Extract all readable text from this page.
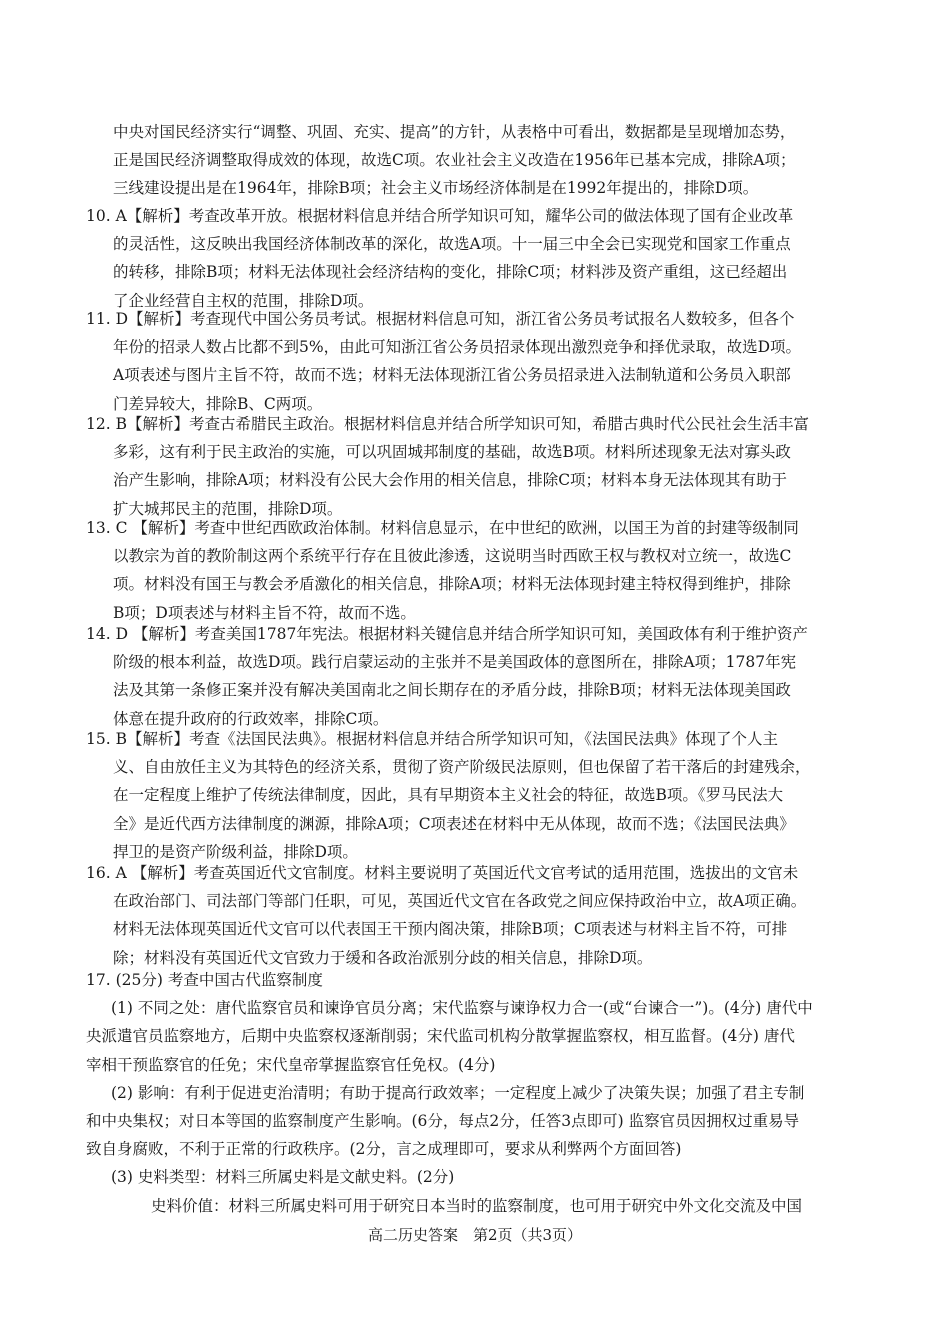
中央对国民经济实行“调整、巩固、充实、提高”的方针，从表格中可看出，数据都是呈现增加态势，
正是国民经济调整取得成效的体现，故选C项。农业社会主义改造在1956年已基本完成，排除A项；
三线建设提出是在1964年，排除B项；社会主义市场经济体制是在1992年提出的，排除D项。
10. A【解析】考查改革开放。根据材料信息并结合所学知识可知，耀华公司的做法体现了国有企业改革
的灵活性，这反映出我国经济体制改革的深化，故选A项。十一届三中全会已实现党和国家工作重点
的转移，排除B项；材料无法体现社会经济结构的变化，排除C项；材料涉及资产重组，这已经超出
了企业经营自主权的范围，排除D项。
11. D【解析】考查现代中国公务员考试。根据材料信息可知，浙江省公务员考试报名人数较多，但各个
年份的招录人数占比都不到5%，由此可知浙江省公务员招录体现出激烈竞争和择优录取，故选D项。
A项表述与图片主旨不符，故而不选；材料无法体现浙江省公务员招录进入法制轨道和公务员入职部
门差异较大，排除B、C两项。
12. B【解析】考查古希腊民主政治。根据材料信息并结合所学知识可知，希腊古典时代公民社会生活丰富
多彩，这有利于民主政治的实施，可以巩固城邦制度的基础，故选B项。材料所述现象无法对寡头政
治产生影响，排除A项；材料没有公民大会作用的相关信息，排除C项；材料本身无法体现其有助于
扩大城邦民主的范围，排除D项。
13. C 【解析】考查中世纪西欧政治体制。材料信息显示，在中世纪的欧洲，以国王为首的封建等级制同
以教宗为首的教阶制这两个系统平行存在且彼此渗透，这说明当时西欧王权与教权对立统一，故选C
项。材料没有国王与教会矛盾激化的相关信息，排除A项；材料无法体现封建主特权得到维护，排除
B项；D项表述与材料主旨不符，故而不选。
14. D 【解析】考查美国1787年宪法。根据材料关键信息并结合所学知识可知，美国政体有利于维护资产
阶级的根本利益，故选D项。践行启蒙运动的主张并不是美国政体的意图所在，排除A项；1787年宪
法及其第一条修正案并没有解决美国南北之间长期存在的矛盾分歧，排除B项；材料无法体现美国政
体意在提升政府的行政效率，排除C项。
15. B【解析】考查《法国民法典》。根据材料信息并结合所学知识可知，《法国民法典》体现了个人主
义、自由放任主义为其特色的经济关系，贯彻了资产阶级民法原则，但也保留了若干落后的封建残余，
在一定程度上维护了传统法律制度，因此，具有早期资本主义社会的特征，故选B项。《罗马民法大
全》是近代西方法律制度的渊源，排除A项；C项表述在材料中无从体现，故而不选；《法国民法典》
捍卫的是资产阶级利益，排除D项。
16. A 【解析】考查英国近代文官制度。材料主要说明了英国近代文官考试的适用范围，选拔出的文官未
在政治部门、司法部门等部门任职，可见，英国近代文官在各政党之间应保持政治中立，故A项正确。
材料无法体现英国近代文官可以代表国王干预内阁决策，排除B项；C项表述与材料主旨不符，可排
除；材料没有英国近代文官致力于缓和各政治派别分歧的相关信息，排除D项。
17. (25分) 考查中国古代监察制度
(1) 不同之处：唐代监察官员和谏诤官员分离；宋代监察与谏诤权力合一(或“台谏合一”)。(4分) 唐代中
央派遣官员监察地方，后期中央监察权逐渐削弱；宋代监司机构分散掌握监察权，相互监督。(4分) 唐代
宰相干预监察官的任免；宋代皇帝掌握监察官任免权。(4分)
(2) 影响：有利于促进吏治清明；有助于提高行政效率；一定程度上减少了决策失误；加强了君主专制
和中央集权；对日本等国的监察制度产生影响。(6分，每点2分，任答3点即可) 监察官员因拥权过重易导
致自身腐败，不利于正常的行政秩序。(2分，言之成理即可，要求从利弊两个方面回答)
(3) 史料类型：材料三所属史料是文献史料。(2分)
史料价值：材料三所属史料可用于研究日本当时的监察制度，也可用于研究中外文化交流及中国
高二历史答案　第2页（共3页）
